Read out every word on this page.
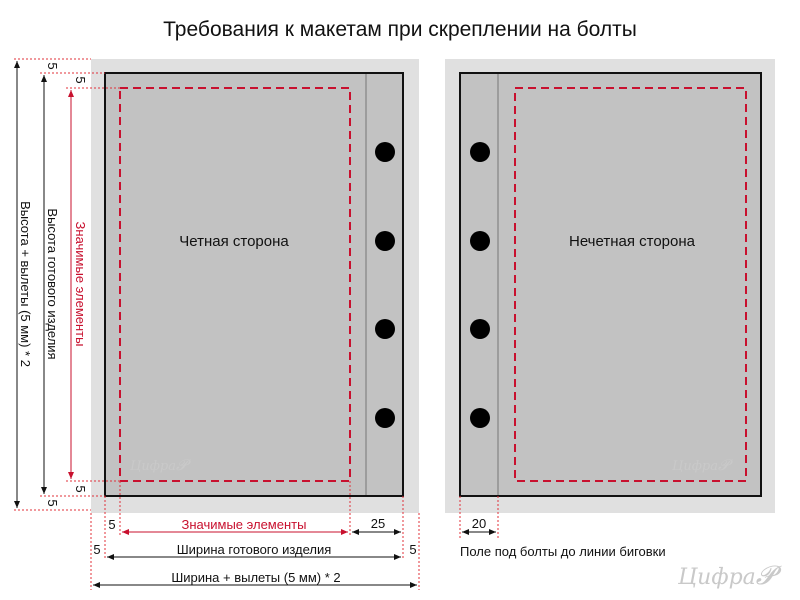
Требования к макетам при скреплении на болты
Четная сторона
Цифра𝓟
Нечетная сторона
Цифра𝓟
Высота + вылеты (5 мм) * 2 Высота готового изделия Значимые элементы
5
5
5
5
Значимые элементы
5	25
Ширина готового изделия
5	5
Ширина + вылеты (5 мм) * 2
20
Поле под болты до линии биговки
Цифра𝓟
